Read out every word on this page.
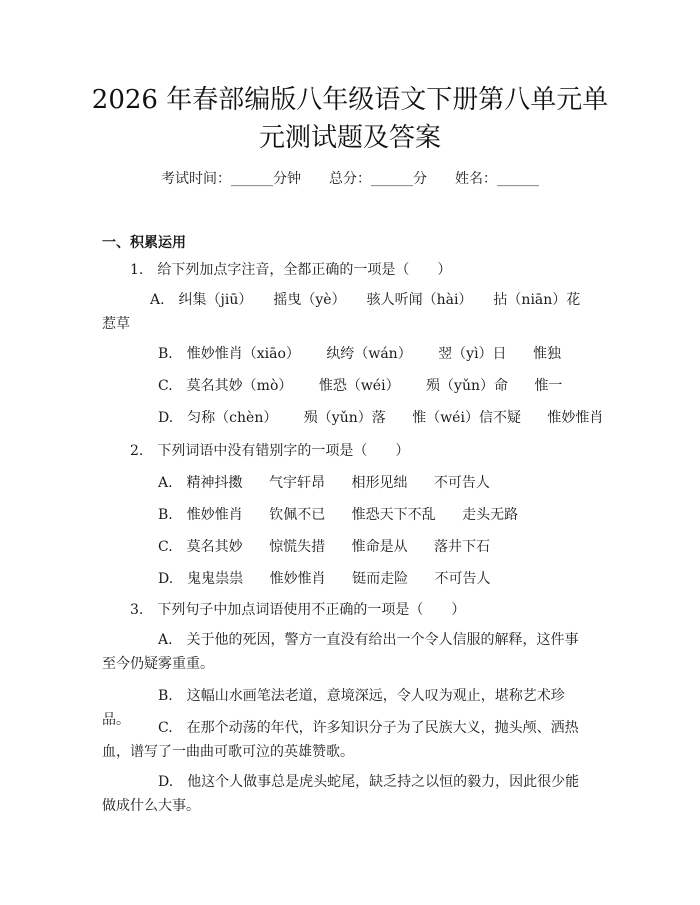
2026 年春部编版八年级语文下册第八单元单
元测试题及答案
考试时间：______分钟 总分：______分 姓名：______
一、积累运用
1.　给下列加点字注音，全都正确的一项是（　　）
A.　纠集（jiū）　　摇曳（yè）　　骇人听闻（hài）　　拈（niān）花惹草
B.　惟妙惟肖（xiāo） 纨绔（wán） 翌（yì）日 惟独
C.　莫名其妙（mò） 惟恐（wéi） 殒（yǔn）命 惟一
D.　匀称（chèn） 殒（yǔn）落 惟（wéi）信不疑 惟妙惟肖
2.　下列词语中没有错别字的一项是（　　）
A.　精神抖擞 气宇轩昂 相形见绌 不可告人
B.　惟妙惟肖 钦佩不已 惟恐天下不乱 走头无路
C.　莫名其妙 惊慌失措 惟命是从 落井下石
D.　鬼鬼祟祟 惟妙惟肖 铤而走险 不可告人
3.　下列句子中加点词语使用不正确的一项是（　　）
A.　关于他的死因，警方一直没有给出一个令人信服的解释，这件事至今仍疑雾重重。
B.　这幅山水画笔法老道，意境深远，令人叹为观止，堪称艺术珍品。	C.　在那个动荡的年代，许多知识分子为了民族大义，抛头颅、洒热血，谱写了一曲曲可歌可泣的英雄赞歌。
D.　他这个人做事总是虎头蛇尾，缺乏持之以恒的毅力，因此很少能做成什么大事。
